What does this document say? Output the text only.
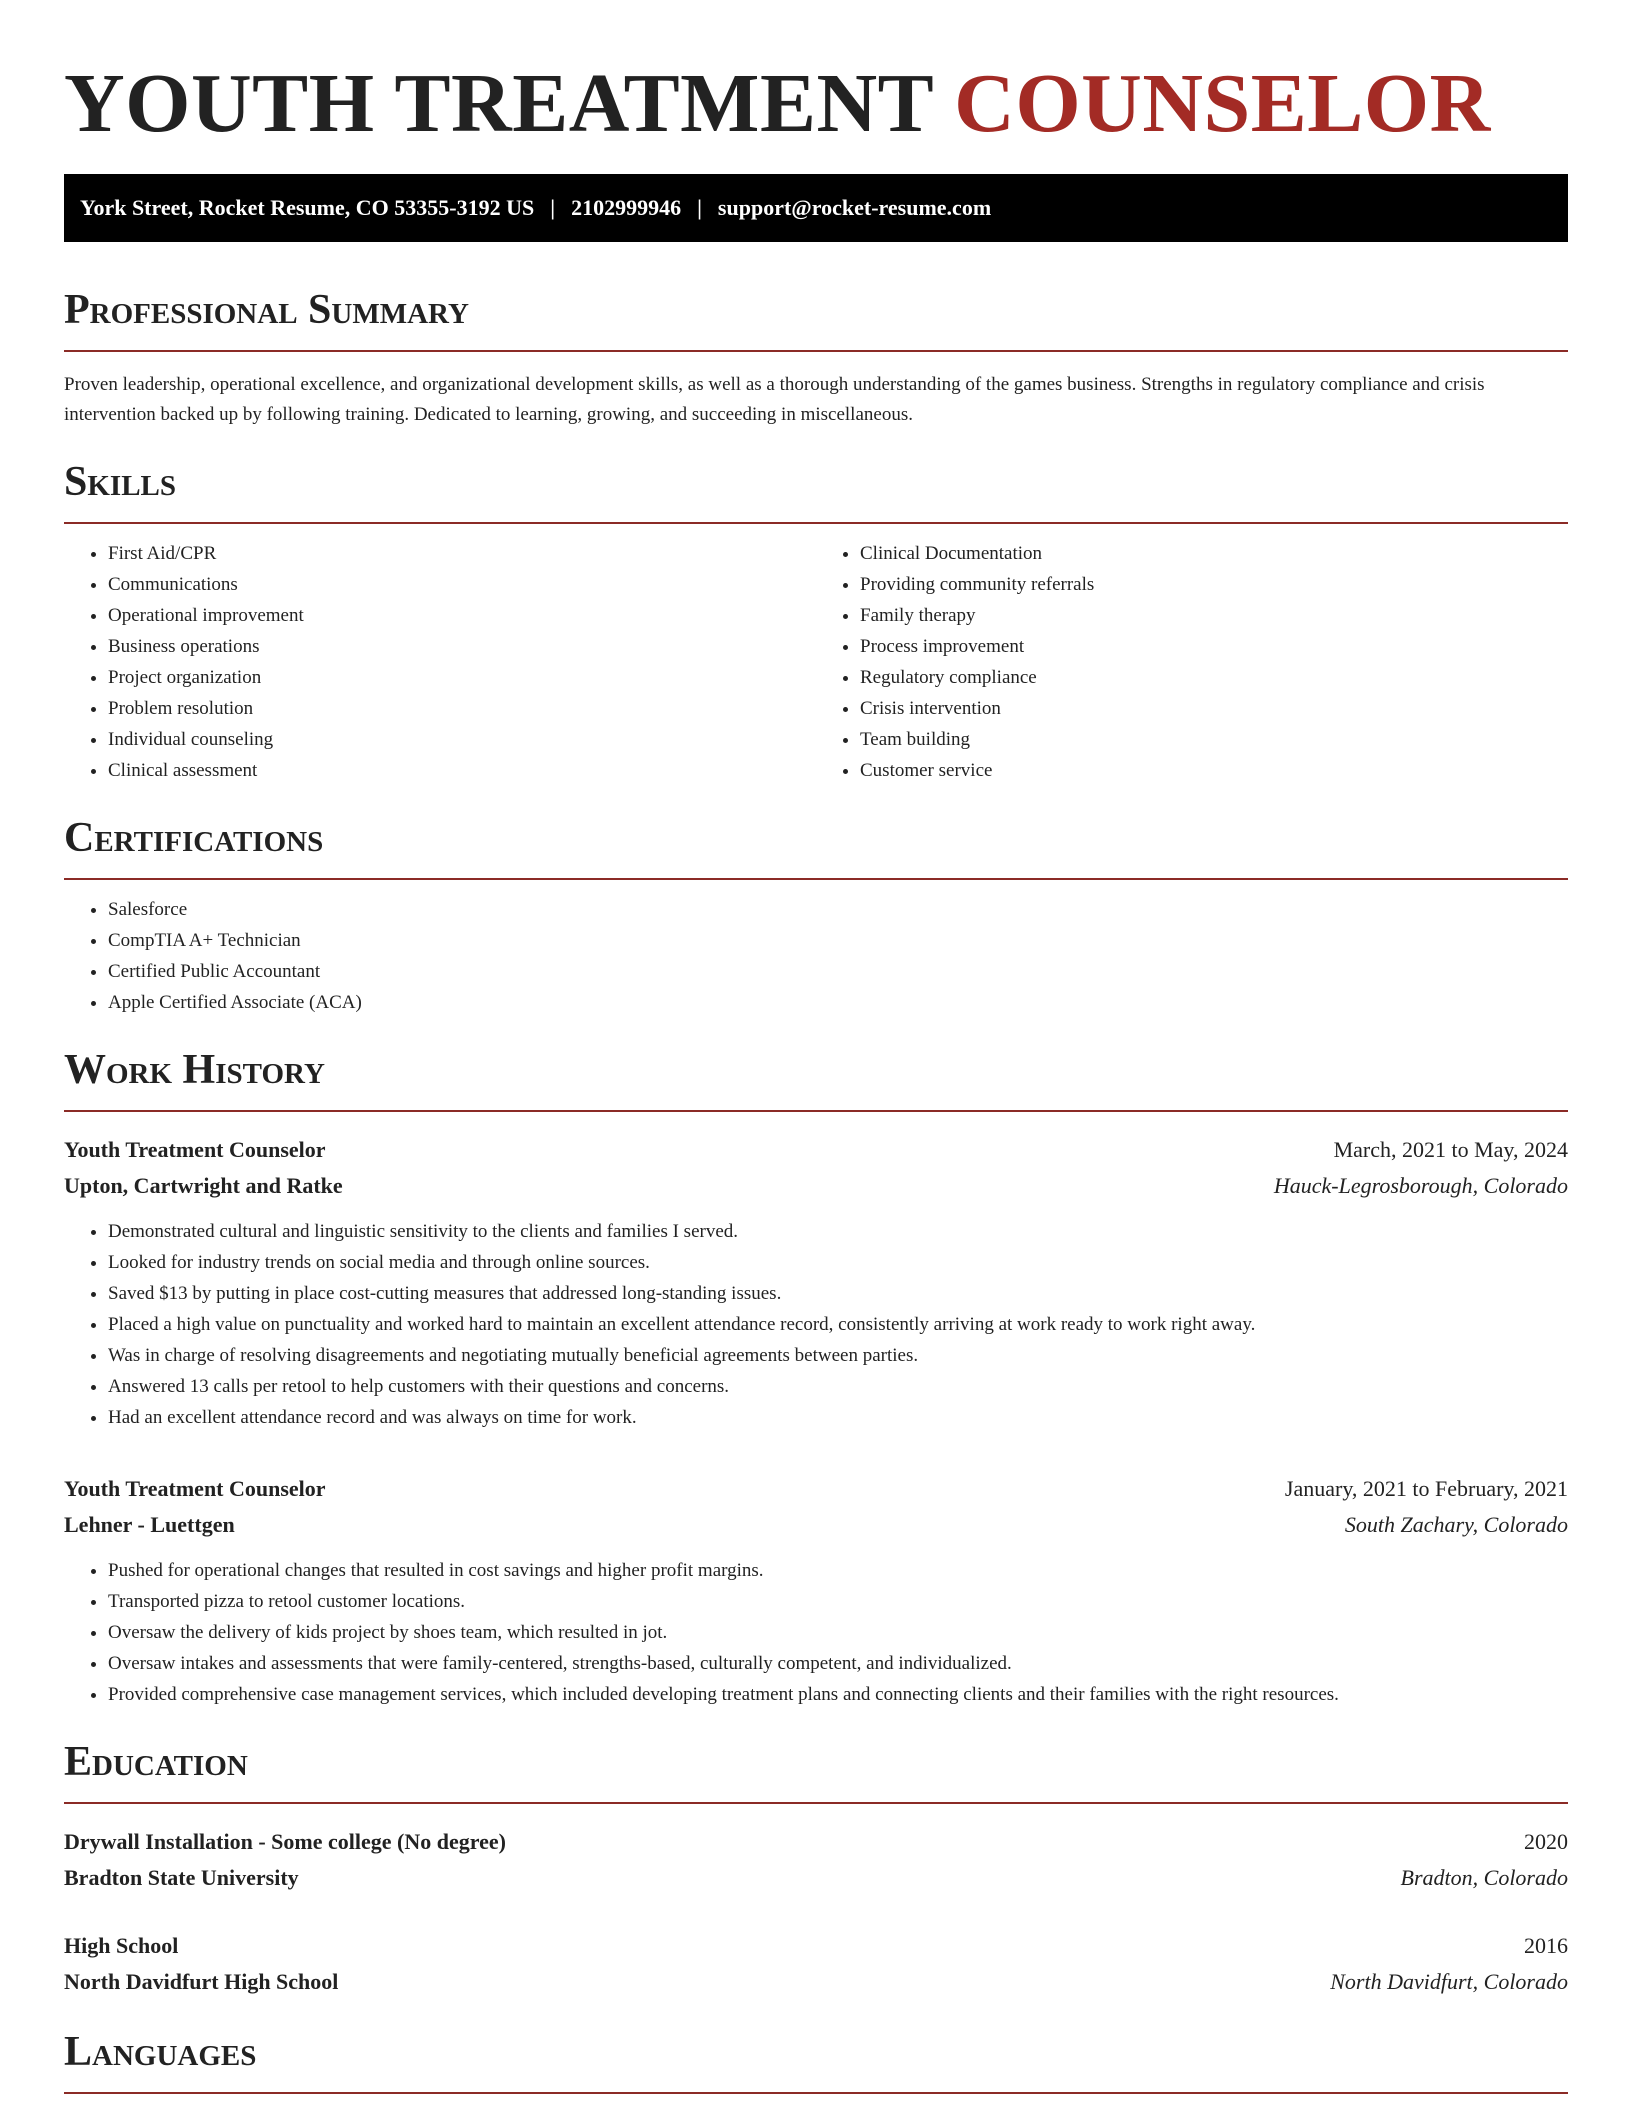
YOUTH TREATMENT COUNSELOR
York Street, Rocket Resume, CO 53355-3192 US | 2102999946 | support@rocket-resume.com
Professional Summary

Proven leadership, operational excellence, and organizational development skills, as well as a thorough understanding of the games business. Strengths in regulatory compliance and crisis intervention backed up by following training. Dedicated to learning, growing, and succeeding in miscellaneous.

Skills
• First Aid/CPR
• Communications
• Operational improvement
• Business operations
• Project organization
• Problem resolution
• Individual counseling
• Clinical assessment
• Clinical Documentation
• Providing community referrals
• Family therapy
• Process improvement
• Regulatory compliance
• Crisis intervention
• Team building
• Customer service
Certifications
• Salesforce
• CompTIA A+ Technician
• Certified Public Accountant
• Apple Certified Associate (ACA)
Work History
Youth Treatment Counselor	March, 2021 to May, 2024
Upton, Cartwright and Ratke	Hauck-Legrosborough, Colorado
• Demonstrated cultural and linguistic sensitivity to the clients and families I served.
• Looked for industry trends on social media and through online sources.
• Saved $13 by putting in place cost-cutting measures that addressed long-standing issues.
• Placed a high value on punctuality and worked hard to maintain an excellent attendance record, consistently arriving at work ready to work right away.
• Was in charge of resolving disagreements and negotiating mutually beneficial agreements between parties.
• Answered 13 calls per retool to help customers with their questions and concerns.
• Had an excellent attendance record and was always on time for work.
Youth Treatment Counselor	January, 2021 to February, 2021
Lehner - Luettgen	South Zachary, Colorado
• Pushed for operational changes that resulted in cost savings and higher profit margins.
• Transported pizza to retool customer locations.
• Oversaw the delivery of kids project by shoes team, which resulted in jot.
• Oversaw intakes and assessments that were family-centered, strengths-based, culturally competent, and individualized.
• Provided comprehensive case management services, which included developing treatment plans and connecting clients and their families with the right resources.
Education
Drywall Installation - Some college (No degree)	2020
Bradton State University	Bradton, Colorado
High School	2016
North Davidfurt High School	North Davidfurt, Colorado
Languages
